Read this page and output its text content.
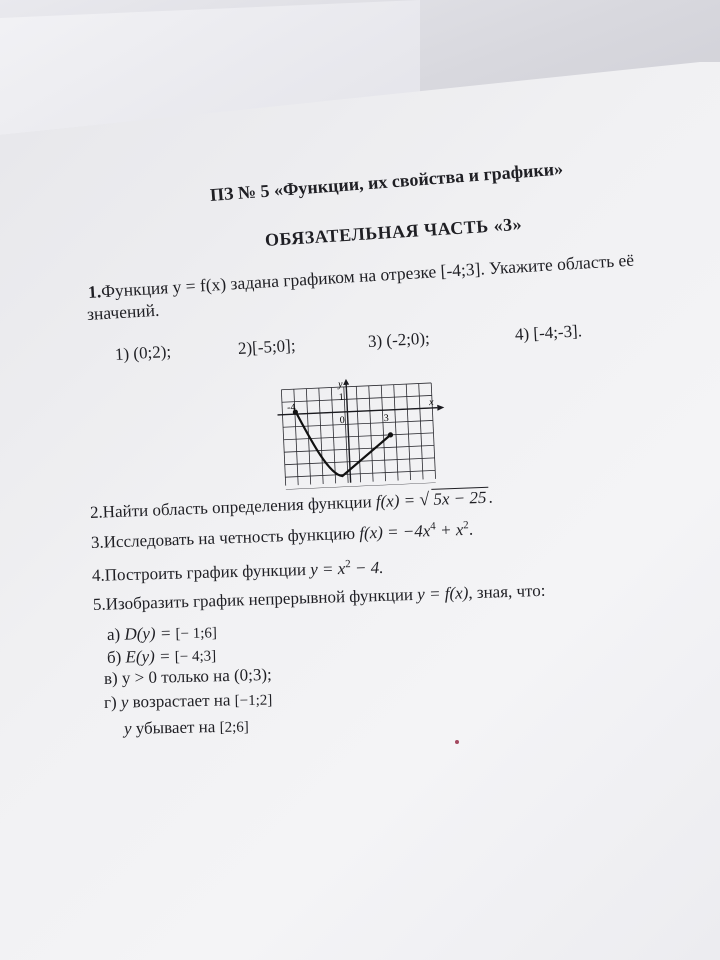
ПЗ № 5 «Функции, их свойства и графики»
ОБЯЗАТЕЛЬНАЯ ЧАСТЬ «3»
1.Функция y = f(x) задана графиком на отрезке [-4;3]. Укажите область её
значений.
1) (0;2);	2)[-5;0];	3) (-2;0);	4) [-4;-3].
y
1
0
-4
3
x
2.Найти область определения функции f(x) = √ 5x − 25.
3.Исследовать на четность функцию $f(x) = -4x^4 + x^2$.
4.Построить график функции $y = x^2 - 4$.
5.Изобразить график непрерывной функции y = f(x), зная, что:
а) D(y) = [− 1;6]
б) E(y) = [− 4;3]
в) y > 0 только на (0;3);
г) y возрастает на [−1;2]
y убывает на [2;6]
